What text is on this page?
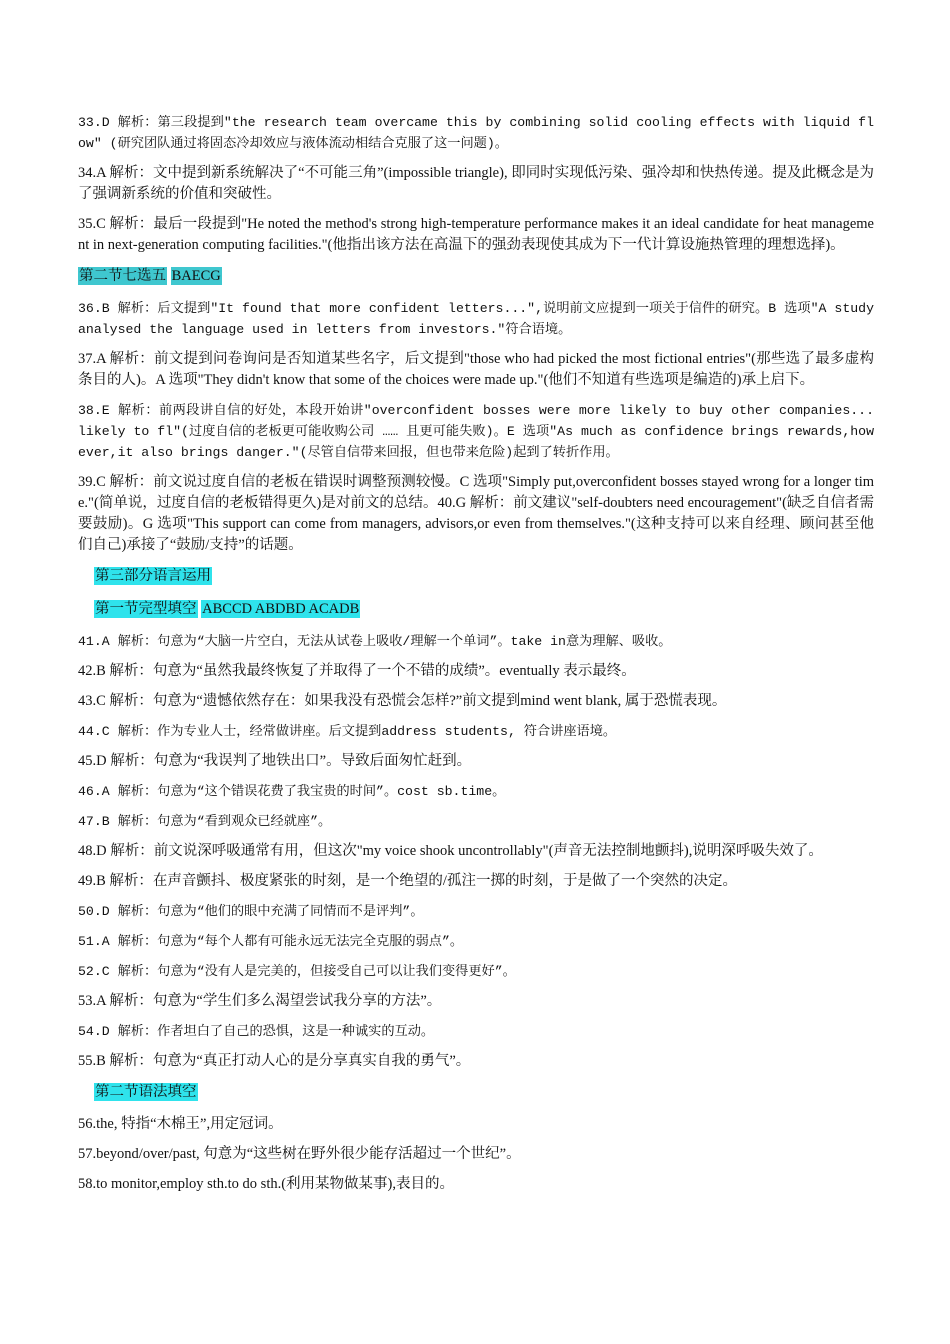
33.D 解析：第三段提到"the research team overcame this by combining solid cooling effects with liquid flow" (研究团队通过将固态冷却效应与液体流动相结合克服了这一问题)。

34.A 解析：文中提到新系统解决了“不可能三角”(impossible triangle), 即同时实现低污染、强冷却和快热传递。提及此概念是为了强调新系统的价值和突破性。

35.C 解析：最后一段提到"He noted the method's strong high-temperature performance makes it an ideal candidate for heat management in next-generation computing facilities."(他指出该方法在高温下的强劲表现使其成为下一代计算设施热管理的理想选择)。

第二节七选五 BAECG

36.B 解析：后文提到"It found that more confident letters...",说明前文应提到一项关于信件的研究。B 选项"A study analysed the language used in letters from investors."符合语境。

37.A 解析：前文提到问卷询问是否知道某些名字，后文提到"those who had picked the most fictional entries"(那些选了最多虚构条目的人)。A 选项"They didn't know that some of the choices were made up."(他们不知道有些选项是编造的)承上启下。

38.E 解析：前两段讲自信的好处，本段开始讲"overconfident bosses were more likely to buy other companies... likely to fl"(过度自信的老板更可能收购公司 …… 且更可能失败)。E 选项"As much as confidence brings rewards,however,it also brings danger."(尽管自信带来回报，但也带来危险)起到了转折作用。

39.C 解析：前文说过度自信的老板在错误时调整预测较慢。C 选项"Simply put,overconfident bosses stayed wrong for a longer time."(简单说，过度自信的老板错得更久)是对前文的总结。40.G 解析：前文建议"self-doubters need encouragement"(缺乏自信者需要鼓励)。G 选项"This support can come from managers, advisors,or even from themselves."(这种支持可以来自经理、顾问甚至他们自己)承接了“鼓励/支持”的话题。

第三部分语言运用

第一节完型填空 ABCCD ABDBD ACADB

41.A 解析：句意为“大脑一片空白，无法从试卷上吸收/理解一个单词”。take in意为理解、吸收。

42.B 解析：句意为“虽然我最终恢复了并取得了一个不错的成绩”。eventually 表示最终。

43.C 解析：句意为“遗憾依然存在：如果我没有恐慌会怎样?”前文提到mind went blank, 属于恐慌表现。

44.C 解析：作为专业人士，经常做讲座。后文提到address students, 符合讲座语境。

45.D 解析：句意为“我误判了地铁出口”。导致后面匆忙赶到。

46.A 解析：句意为“这个错误花费了我宝贵的时间”。cost sb.time。

47.B 解析：句意为“看到观众已经就座”。

48.D 解析：前文说深呼吸通常有用，但这次"my voice shook uncontrollably"(声音无法控制地颤抖),说明深呼吸失效了。

49.B 解析：在声音颤抖、极度紧张的时刻，是一个绝望的/孤注一掷的时刻，于是做了一个突然的决定。

50.D 解析：句意为“他们的眼中充满了同情而不是评判”。

51.A 解析：句意为“每个人都有可能永远无法完全克服的弱点”。

52.C 解析：句意为“没有人是完美的，但接受自己可以让我们变得更好”。

53.A 解析：句意为“学生们多么渴望尝试我分享的方法”。

54.D 解析：作者坦白了自己的恐惧，这是一种诚实的互动。

55.B 解析：句意为“真正打动人心的是分享真实自我的勇气”。

第二节语法填空

56.the, 特指“木棉王”,用定冠词。

57.beyond/over/past, 句意为“这些树在野外很少能存活超过一个世纪”。

58.to monitor,employ sth.to do sth.(利用某物做某事),表目的。
